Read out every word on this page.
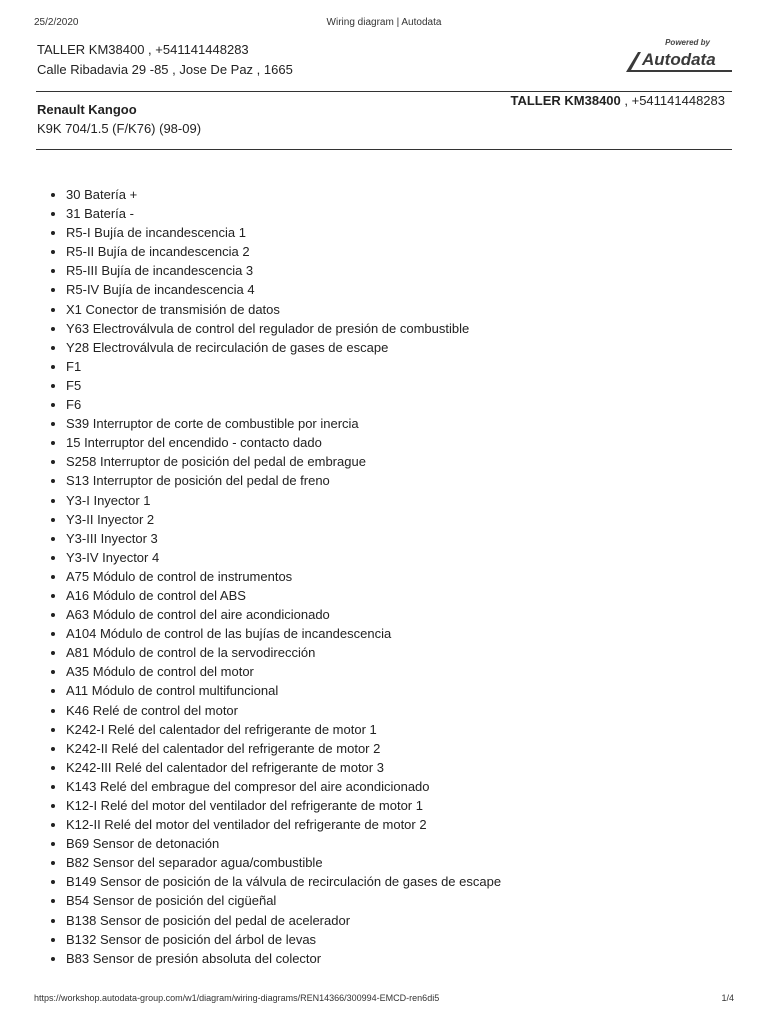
25/2/2020	Wiring diagram | Autodata
TALLER KM38400 , +541141448283
Calle Ribadavia 29 -85 , Jose De Paz , 1665
Powered by
Autodata
Renault Kangoo
K9K 704/1.5 (F/K76) (98-09)
TALLER KM38400 , +541141448283
30 Batería +
31 Batería -
R5-I Bujía de incandescencia 1
R5-II Bujía de incandescencia 2
R5-III Bujía de incandescencia 3
R5-IV Bujía de incandescencia 4
X1 Conector de transmisión de datos
Y63 Electroválvula de control del regulador de presión de combustible
Y28 Electroválvula de recirculación de gases de escape
F1
F5
F6
S39 Interruptor de corte de combustible por inercia
15 Interruptor del encendido - contacto dado
S258 Interruptor de posición del pedal de embrague
S13 Interruptor de posición del pedal de freno
Y3-I Inyector 1
Y3-II Inyector 2
Y3-III Inyector 3
Y3-IV Inyector 4
A75 Módulo de control de instrumentos
A16 Módulo de control del ABS
A63 Módulo de control del aire acondicionado
A104 Módulo de control de las bujías de incandescencia
A81 Módulo de control de la servodirección
A35 Módulo de control del motor
A11 Módulo de control multifuncional
K46 Relé de control del motor
K242-I Relé del calentador del refrigerante de motor 1
K242-II Relé del calentador del refrigerante de motor 2
K242-III Relé del calentador del refrigerante de motor 3
K143 Relé del embrague del compresor del aire acondicionado
K12-I Relé del motor del ventilador del refrigerante de motor 1
K12-II Relé del motor del ventilador del refrigerante de motor 2
B69 Sensor de detonación
B82 Sensor del separador agua/combustible
B149 Sensor de posición de la válvula de recirculación de gases de escape
B54 Sensor de posición del cigüeñal
B138 Sensor de posición del pedal de acelerador
B132 Sensor de posición del árbol de levas
B83 Sensor de presión absoluta del colector
https://workshop.autodata-group.com/w1/diagram/wiring-diagrams/REN14366/300994-EMCD-ren6di5	1/4
